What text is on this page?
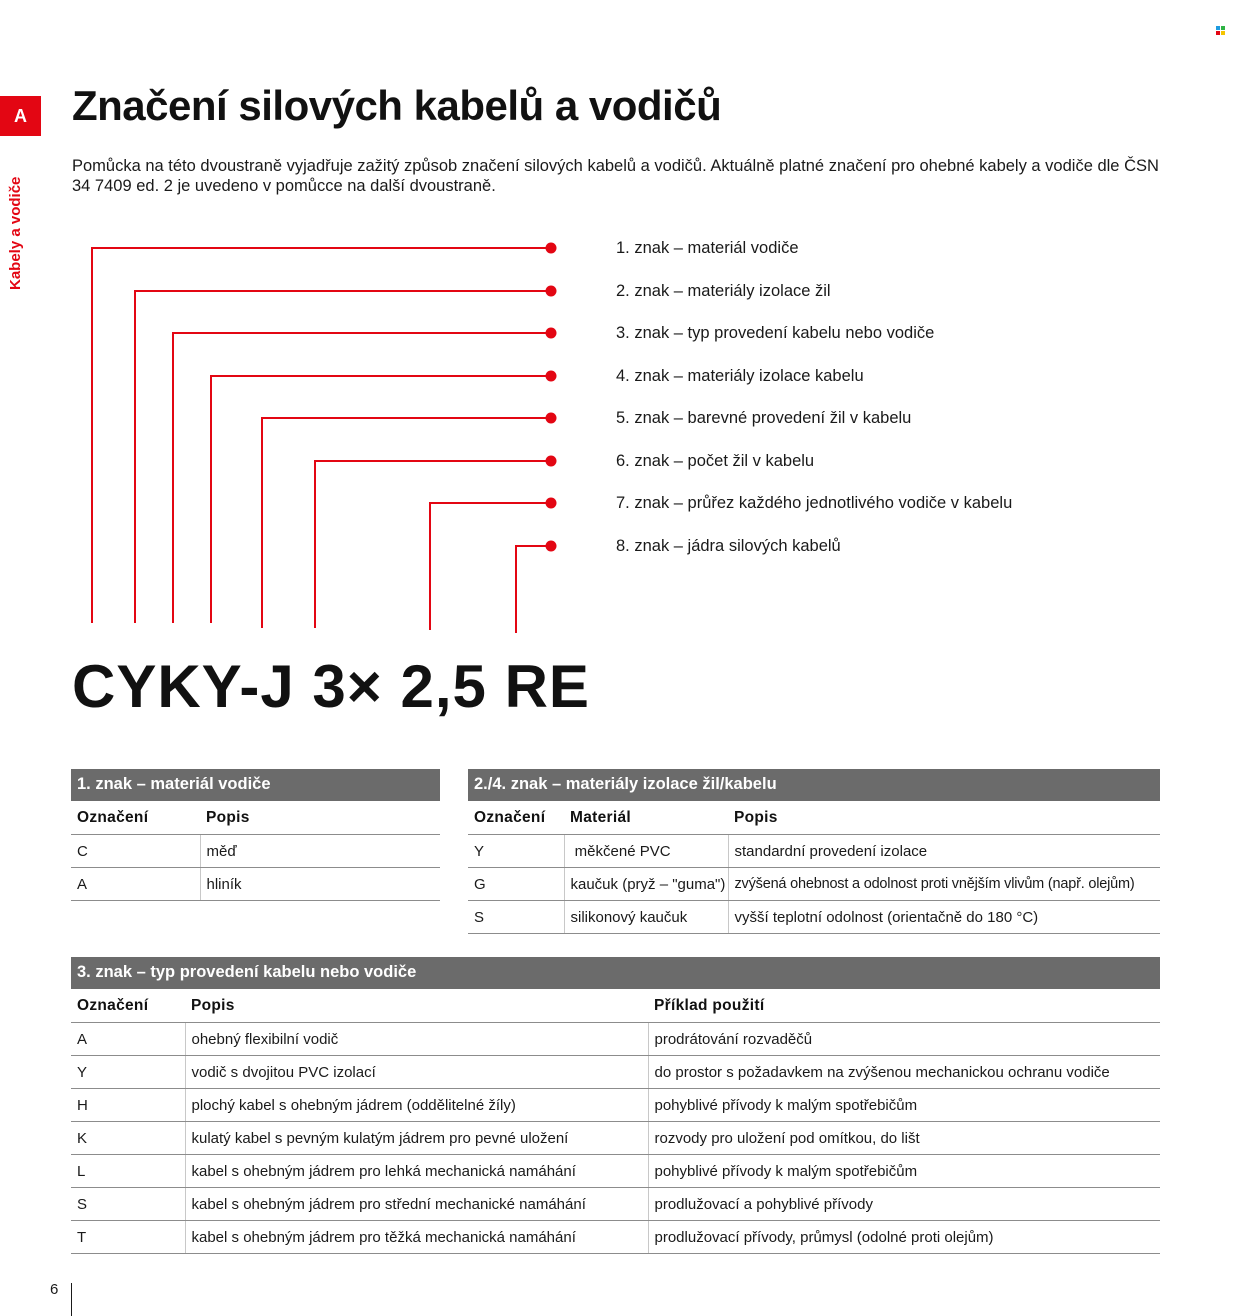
A
Kabely a vodiče
Značení silových kabelů a vodičů

Pomůcka na této dvoustraně vyjadřuje zažitý způsob značení silových kabelů a vodičů. Aktuálně platné značení pro ohebné kabely a vodiče dle ČSN 34 7409 ed. 2 je uvedeno v pomůcce na další dvoustraně.

1. znak – materiál vodiče
2. znak – materiály izolace žil
3. znak – typ provedení kabelu nebo vodiče
4. znak – materiály izolace kabelu
5. znak – barevné provedení žil v kabelu
6. znak – počet žil v kabelu
7. znak – průřez každého jednotlivého vodiče v kabelu
8. znak – jádra silových kabelů
CYKY-J 3× 2,5 RE
1. znak – materiál vodiče
Označení	Popis
C	měď
A	hliník
2./4. znak – materiály izolace žil/kabelu
Označení	Materiál	Popis
Y	měkčené PVC	standardní provedení izolace
G	kaučuk (pryž – "guma")	zvýšená ohebnost a odolnost proti vnějším vlivům (např. olejům)
S	silikonový kaučuk	vyšší teplotní odolnost (orientačně do 180 °C)
3. znak – typ provedení kabelu nebo vodiče
Označení	Popis	Příklad použití
A	ohebný flexibilní vodič	prodrátování rozvaděčů
Y	vodič s dvojitou PVC izolací	do prostor s požadavkem na zvýšenou mechanickou ochranu vodiče
H	plochý kabel s ohebným jádrem (oddělitelné žíly)	pohyblivé přívody k malým spotřebičům
K	kulatý kabel s pevným kulatým jádrem pro pevné uložení	rozvody pro uložení pod omítkou, do lišt
L	kabel s ohebným jádrem pro lehká mechanická namáhání	pohyblivé přívody k malým spotřebičům
S	kabel s ohebným jádrem pro střední mechanické namáhání	prodlužovací a pohyblivé přívody
T	kabel s ohebným jádrem pro těžká mechanická namáhání	prodlužovací přívody, průmysl (odolné proti olejům)
6
